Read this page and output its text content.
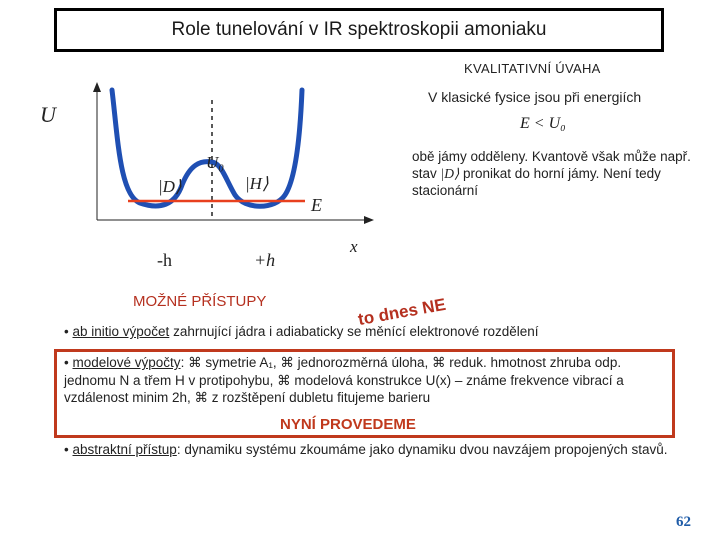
Role tunelování v IR spektroskopii amoniaku
KVALITATIVNÍ ÚVAHA
U
U₀
|D⟩	|H⟩
E
-h	+h
x
V klasické fysice jsou při energiích
E < U₀
obě jámy odděleny. Kvantově však může např. stav |D⟩ pronikat do horní jámy. Není tedy stacionární
MOŽNÉ PŘÍSTUPY
• ab initio výpočet zahrnující jádra i adiabaticky se měnící elektronové rozdělení
to dnes NE
• modelové výpočty: ⌘ symetrie A₁, ⌘ jednorozměrná úloha, ⌘ reduk. hmotnost zhruba odp. jednomu N a třem H v protipohybu, ⌘ modelová konstrukce U(x) – známe frekvence vibrací a vzdálenost minim 2h, ⌘ z rozštěpení dubletu fitujeme barieru
NYNÍ PROVEDEME
• abstraktní přístup: dynamiku systému zkoumáme jako dynamiku dvou navzájem propojených stavů.
62
